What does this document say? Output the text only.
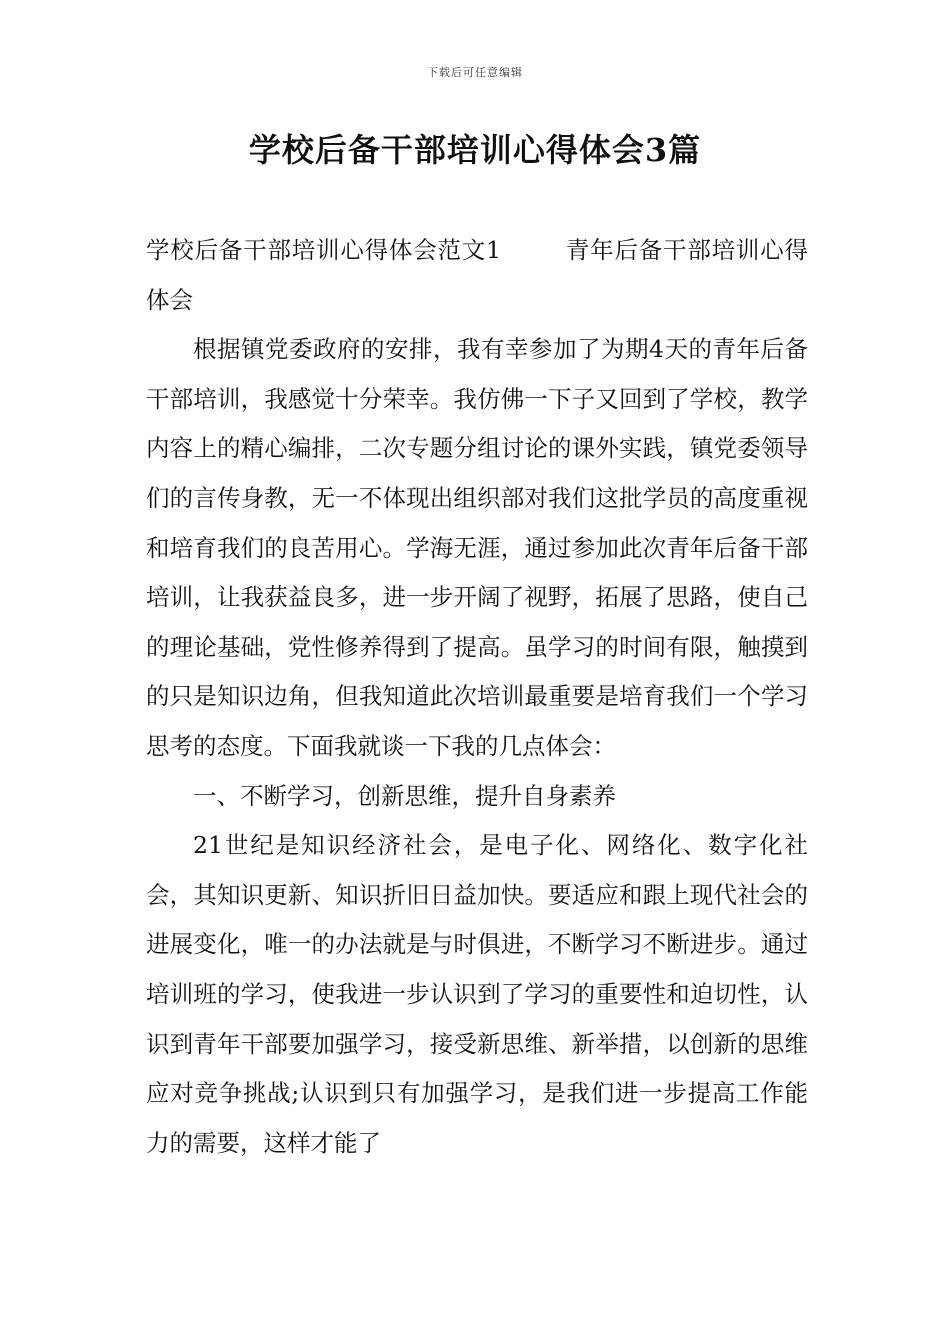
下载后可任意编辑
学校后备干部培训心得体会3篇

学校后备干部培训心得体会范文1	青年后备干部培训心得体会

根据镇党委政府的安排，我有幸参加了为期4天的青年后备干部培训，我感觉十分荣幸。我仿佛一下子又回到了学校，教学内容上的精心编排，二次专题分组讨论的课外实践，镇党委领导们的言传身教，无一不体现出组织部对我们这批学员的高度重视和培育我们的良苦用心。学海无涯，通过参加此次青年后备干部培训，让我获益良多，进一步开阔了视野，拓展了思路，使自己的理论基础，党性修养得到了提高。虽学习的时间有限，触摸到的只是知识边角，但我知道此次培训最重要是培育我们一个学习思考的态度。下面我就谈一下我的几点体会：

一、不断学习，创新思维，提升自身素养

21世纪是知识经济社会，是电子化、网络化、数字化社会，其知识更新、知识折旧日益加快。要适应和跟上现代社会的进展变化，唯一的办法就是与时俱进，不断学习不断进步。通过培训班的学习，使我进一步认识到了学习的重要性和迫切性，认识到青年干部要加强学习，接受新思维、新举措，以创新的思维应对竞争挑战;认识到只有加强学习，是我们进一步提高工作能力的需要，这样才能了
